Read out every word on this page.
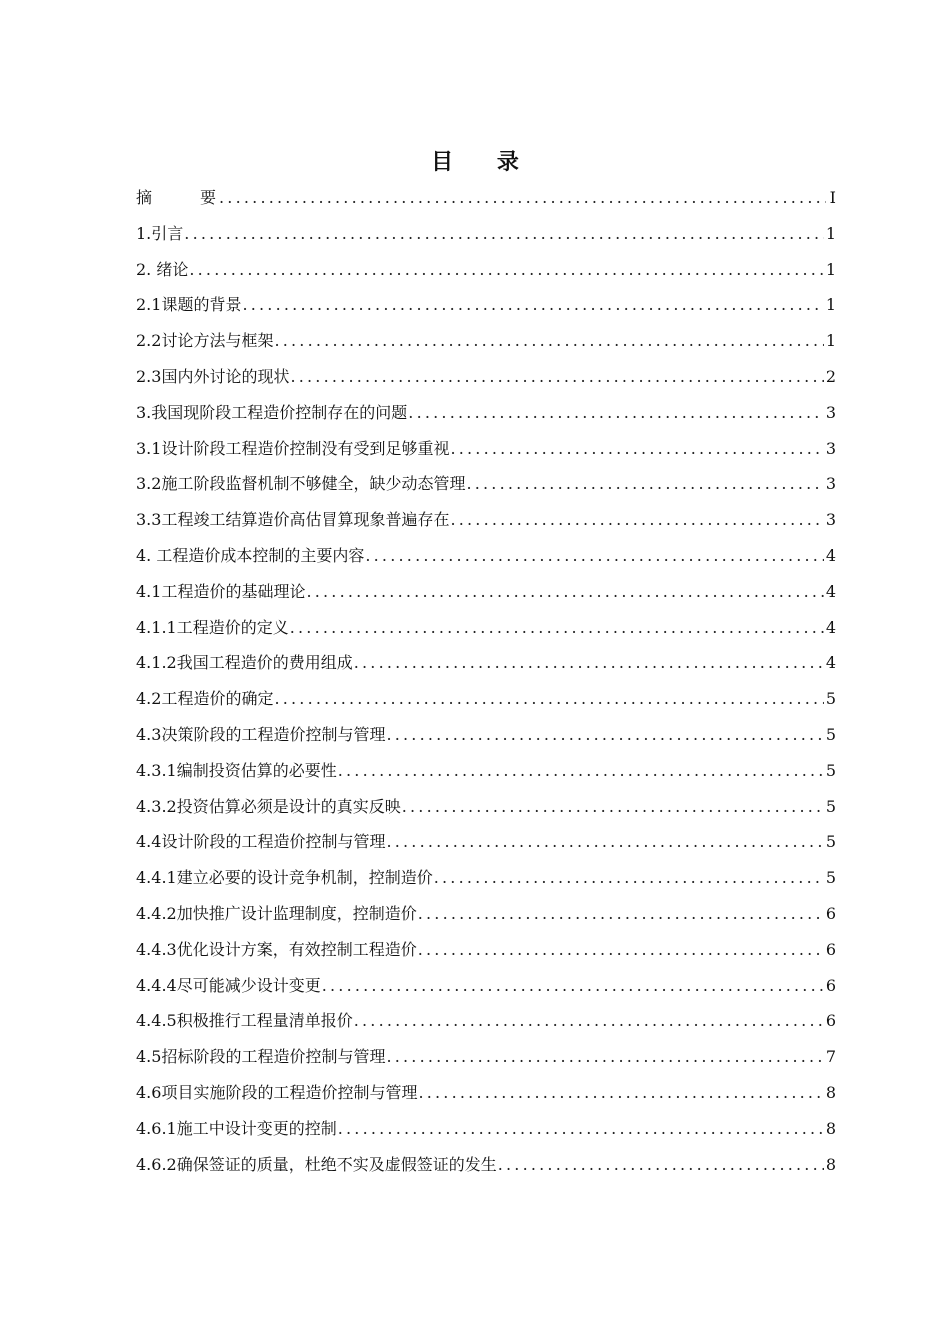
目 录
摘要 .....	I
1.引言 .....	1
2. 绪论 .....	1
2.1课题的背景 .....	1
2.2讨论方法与框架 .....	1
2.3国内外讨论的现状 .....	2
3.我国现阶段工程造价控制存在的问题 .....	3
3.1设计阶段工程造价控制没有受到足够重视 .....	3
3.2施工阶段监督机制不够健全，缺少动态管理 .....	3
3.3工程竣工结算造价高估冒算现象普遍存在 .....	3
4. 工程造价成本控制的主要内容 .....	4
4.1工程造价的基础理论 .....	4
4.1.1工程造价的定义 .....	4
4.1.2我国工程造价的费用组成 .....	4
4.2工程造价的确定 .....	5
4.3决策阶段的工程造价控制与管理 .....	5
4.3.1编制投资估算的必要性 .....	5
4.3.2投资估算必须是设计的真实反映 .....	5
4.4设计阶段的工程造价控制与管理 .....	5
4.4.1建立必要的设计竞争机制，控制造价 .....	5
4.4.2加快推广设计监理制度，控制造价 .....	6
4.4.3优化设计方案，有效控制工程造价 .....	6
4.4.4尽可能减少设计变更 .....	6
4.4.5积极推行工程量清单报价 .....	6
4.5招标阶段的工程造价控制与管理 .....	7
4.6项目实施阶段的工程造价控制与管理 .....	8
4.6.1施工中设计变更的控制 .....	8
4.6.2确保签证的质量，杜绝不实及虚假签证的发生 .....	8
